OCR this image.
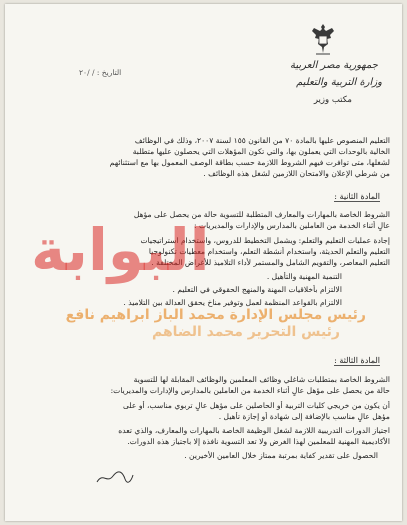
جمهورية مصر العربية
وزارة التربية والتعليم
مكتب وزير
التاريخ : / /٢٠
التعليم المنصوص عليها بالمادة ٧٠ من القانون ١٥٥ لسنة ٢٠٠٧، وذلك في الوظائف
الخالية بالوحدات التي يعملون بها، والتي تكون المؤهلات التي يحصلون عليها متطلبة
لشغلها، متى توافرت فيهم الشروط اللازمة حسب بطاقة الوصف المعمول بها مع استثنائهم
من شرطي الإعلان والامتحان اللازمين لشغل هذه الوظائف .
المادة الثانية :
الشروط الخاصة بالمهارات والمعارف المتطلبة للتسوية حالة من يحصل على مؤهل
عالٍ أثناء الخدمة من العاملين بالمدارس والإدارات والمديريات :
إجادة عمليات التعليم والتعلم: ويشمل التخطيط للدروس، واستخدام استراتيجيات
التعليم والتعلم الحديثة، واستخدام أنشطة التعلم، واستخدام معطيات تكنولوجيا
التعليم المعاصر، والتقويم الشامل والمستمر لأداء التلاميذ للأغراض المختلفة .
التنمية المهنية والتأهيل .
الالتزام بأخلاقيات المهنة والمنهج الحقوقي في التعليم .
الالتزام بالقواعد المنظمة لعمل وتوفير مناخ يحقق العدالة بين التلاميذ .
المادة الثالثة :
الشروط الخاصة بمتطلبات شاغلي وظائف المعلمين والوظائف المقابلة لها للتسوية
حالة من يحصل على مؤهل عالٍ أثناء الخدمة من العاملين بالمدارس والإدارات والمديريات:
أن يكون من خريجي كليات التربية أو الحاصلين على مؤهل عالٍ تربوي مناسب، أو على
مؤهل عالٍ مناسب بالإضافة إلى شهادة أو إجازة تأهيل .
اجتياز الدورات التدريبية اللازمة لشغل الوظيفة الخاصة بالمهارات والمعارف، والذي تعده
الأكاديمية المهنية للمعلمين لهذا الغرض ولا تعد التسوية نافذة إلا باجتياز هذه الدورات.
الحصول على تقدير كفاية بمرتبة ممتاز خلال العامين الأخيرين .
البوابة
رئيس مجلس الإدارة محمد الباز ابراهيم نافع
رئيس التحرير محمد الضاهم
